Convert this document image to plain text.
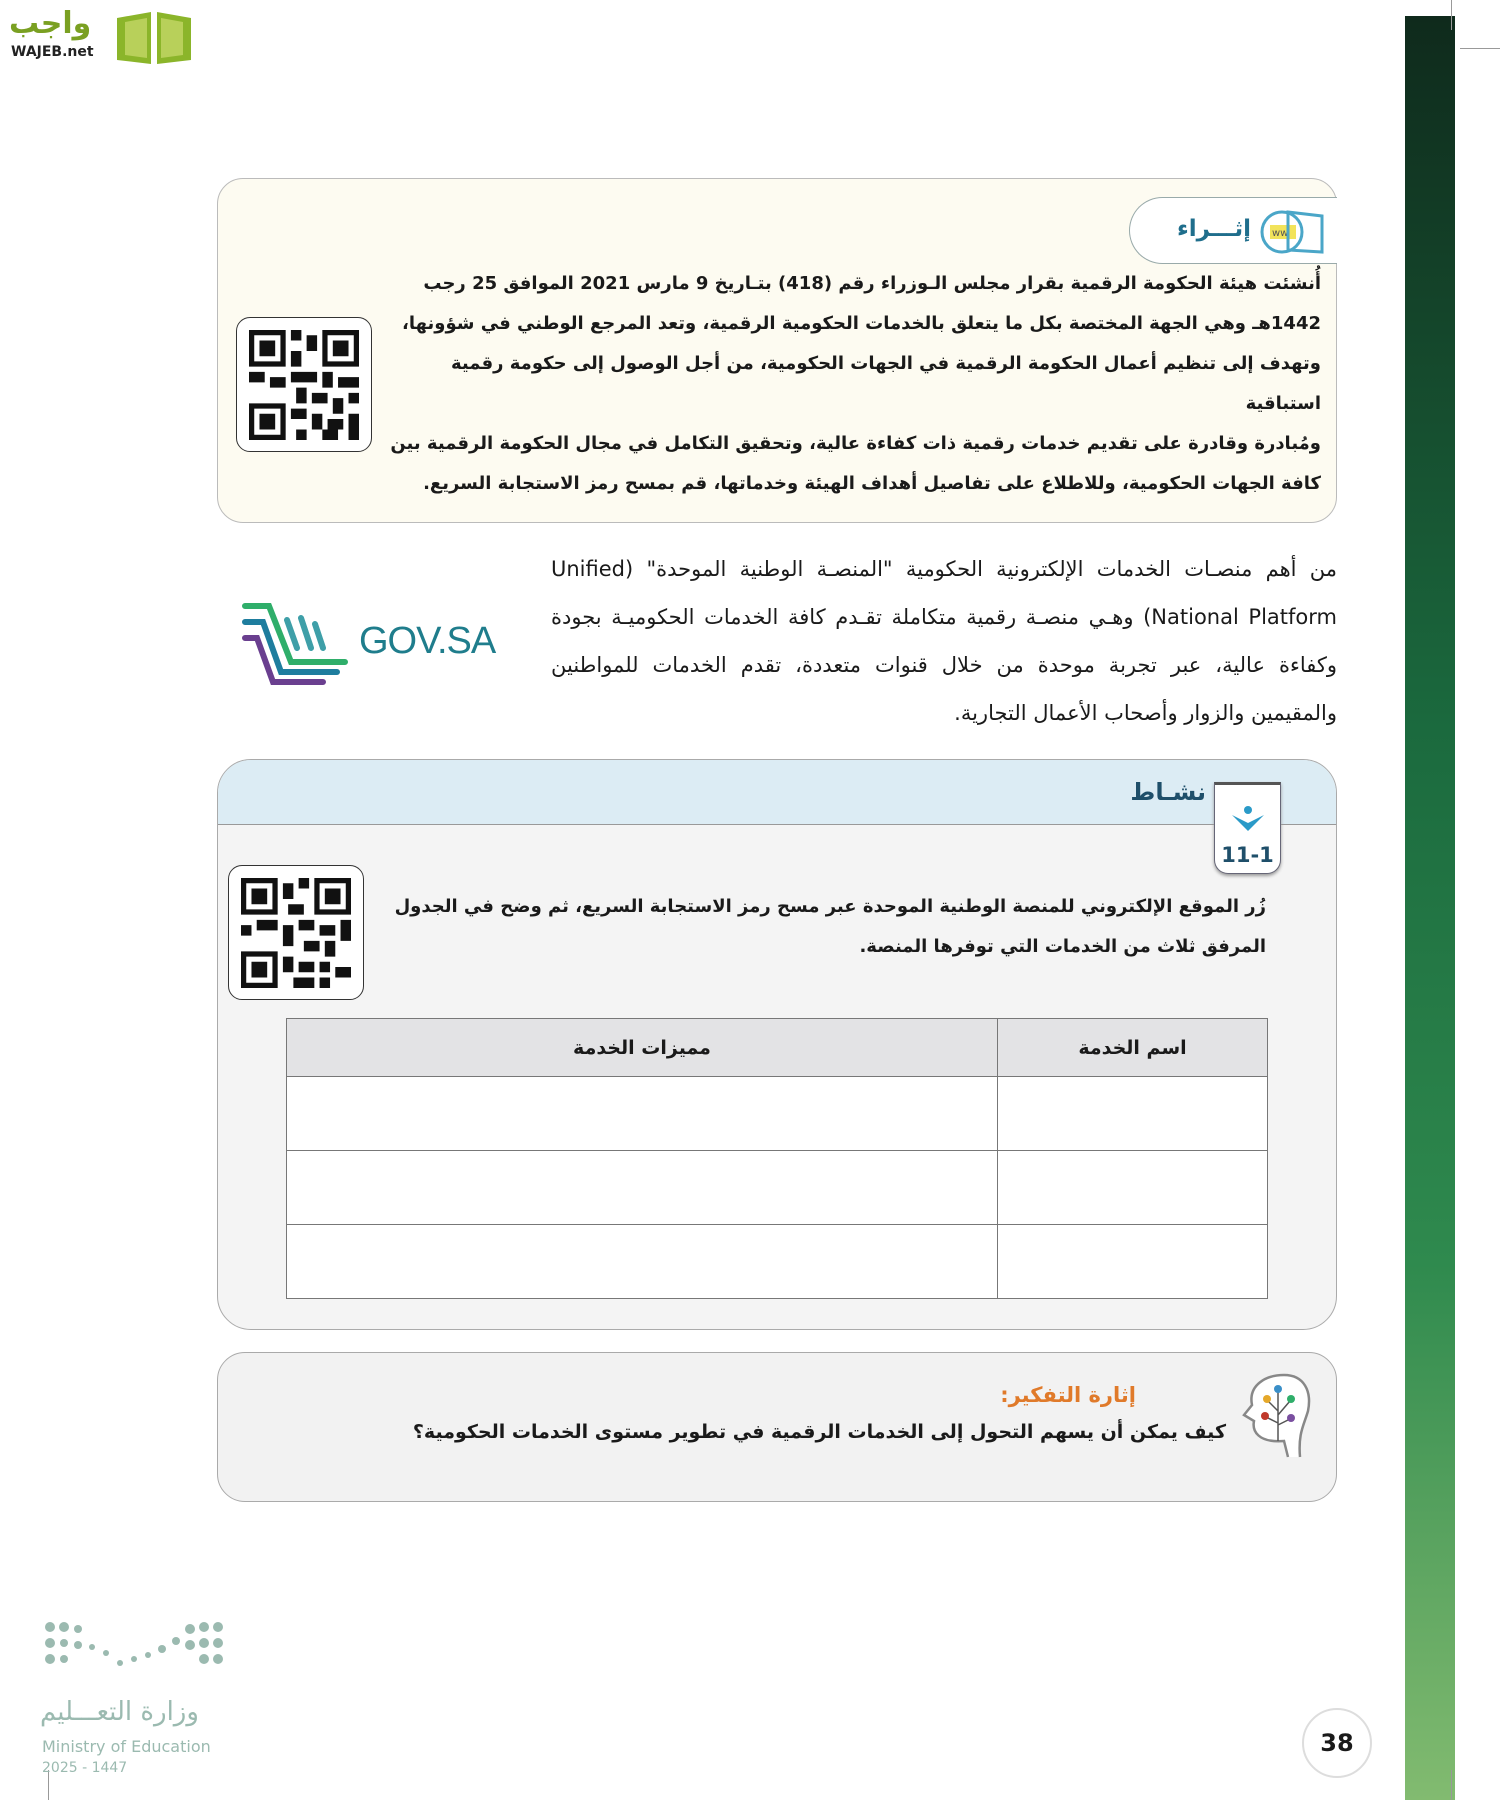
واجب
WAJEB.net
إثـــراء ww
أُنشئت هيئة الحكومة الرقمية بقرار مجلس الـوزراء رقم (418) بتـاريخ 9 مارس 2021 الموافق 25 رجب
1442هـ وهي الجهة المختصة بكل ما يتعلق بالخدمات الحكومية الرقمية، وتعد المرجع الوطني في شؤونها،
وتهدف إلى تنظيم أعمال الحكومة الرقمية في الجهات الحكومية، من أجل الوصول إلى حكومة رقمية استباقية
ومُبادرة وقادرة على تقديم خدمات رقمية ذات كفاءة عالية، وتحقيق التكامل في مجال الحكومة الرقمية بين
كافة الجهات الحكومية، وللاطلاع على تفاصيل أهداف الهيئة وخدماتها، قم بمسح رمز الاستجابة السريع.
GOV.SA
من أهم منصـات الخدمات الإلكترونية الحكومية "المنصـة الوطنية الموحدة" (Unified National Platform) وهـي منصـة رقمية متكاملة تقـدم كافة الخدمات الحكوميـة بجودة وكفاءة عالية، عبر تجربة موحدة من خلال قنوات متعددة، تقدم الخدمات للمواطنين والمقيمين والزوار وأصحاب الأعمال التجارية.
نشـاط
11-1
زُر الموقع الإلكتروني للمنصة الوطنية الموحدة عبر مسح رمز الاستجابة السريع، ثم وضح في الجدول
المرفق ثلاث من الخدمات التي توفرها المنصة.
اسم الخدمة	مميزات الخدمة

إثارة التفكير:
كيف يمكن أن يسهم التحول إلى الخدمات الرقمية في تطوير مستوى الخدمات الحكومية؟
38
وزارة التعـــليم
Ministry of Education
2025 - 1447
